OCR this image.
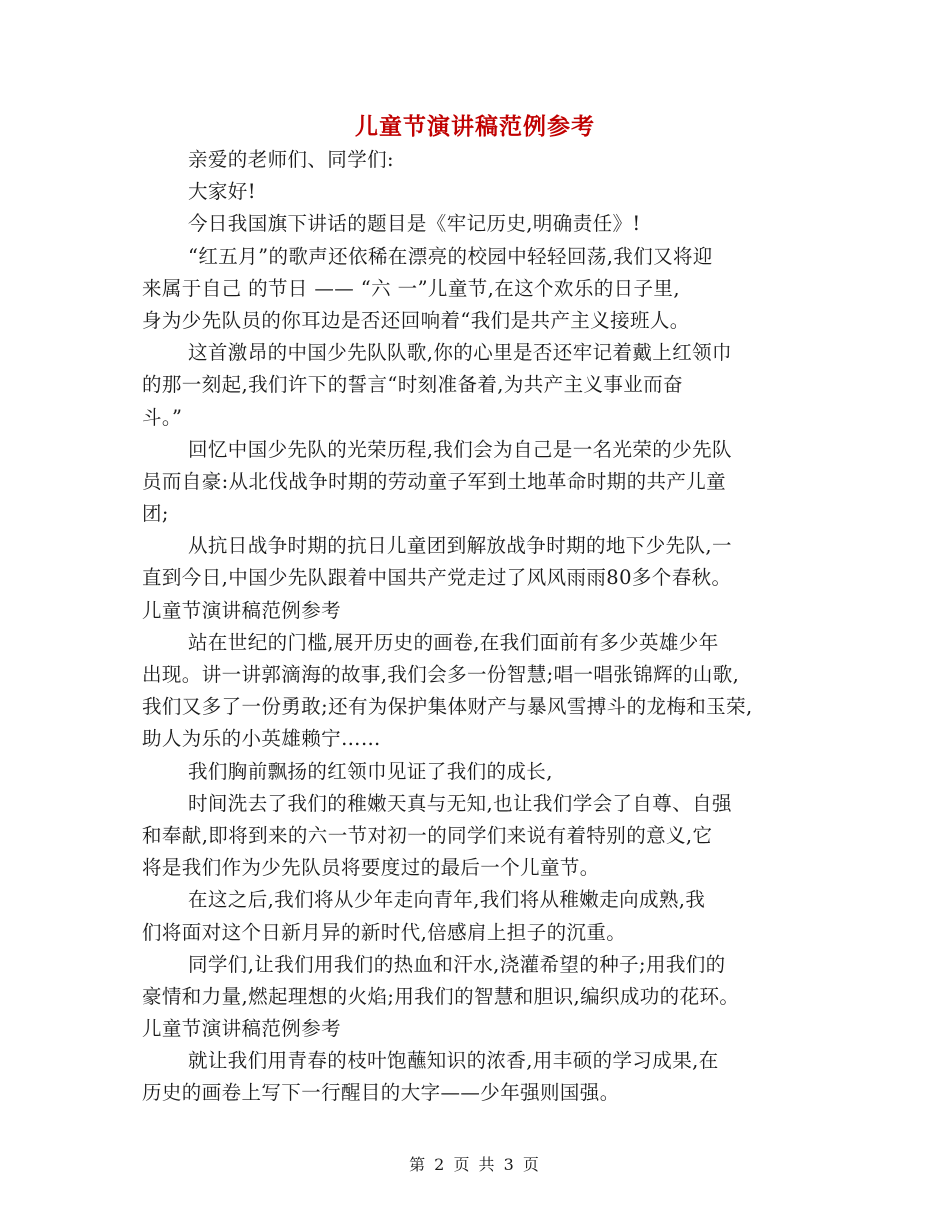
儿童节演讲稿范例参考
亲爱的老师们、同学们:
大家好!
今日我国旗下讲话的题目是《牢记历史,明确责任》!
“红五月”的歌声还依稀在漂亮的校园中轻轻回荡,我们又将迎
来属于自己 的节日 —— “六 一”儿童节,在这个欢乐的日子里,
身为少先队员的你耳边是否还回响着“我们是共产主义接班人。
这首激昂的中国少先队队歌,你的心里是否还牢记着戴上红领巾
的那一刻起,我们许下的誓言“时刻准备着,为共产主义事业而奋
斗。”
回忆中国少先队的光荣历程,我们会为自己是一名光荣的少先队
员而自豪:从北伐战争时期的劳动童子军到土地革命时期的共产儿童
团;
从抗日战争时期的抗日儿童团到解放战争时期的地下少先队,一
直到今日,中国少先队跟着中国共产党走过了风风雨雨80多个春秋。
儿童节演讲稿范例参考
站在世纪的门槛,展开历史的画卷,在我们面前有多少英雄少年
出现。讲一讲郭滴海的故事,我们会多一份智慧;唱一唱张锦辉的山歌,
我们又多了一份勇敢;还有为保护集体财产与暴风雪搏斗的龙梅和玉荣,
助人为乐的小英雄赖宁……
我们胸前飘扬的红领巾见证了我们的成长,
时间洗去了我们的稚嫩天真与无知,也让我们学会了自尊、自强
和奉献,即将到来的六一节对初一的同学们来说有着特别的意义,它
将是我们作为少先队员将要度过的最后一个儿童节。
在这之后,我们将从少年走向青年,我们将从稚嫩走向成熟,我
们将面对这个日新月异的新时代,倍感肩上担子的沉重。
同学们,让我们用我们的热血和汗水,浇灌希望的种子;用我们的
豪情和力量,燃起理想的火焰;用我们的智慧和胆识,编织成功的花环。
儿童节演讲稿范例参考
就让我们用青春的枝叶饱蘸知识的浓香,用丰硕的学习成果,在
历史的画卷上写下一行醒目的大字——少年强则国强。
第 2 页 共 3 页
